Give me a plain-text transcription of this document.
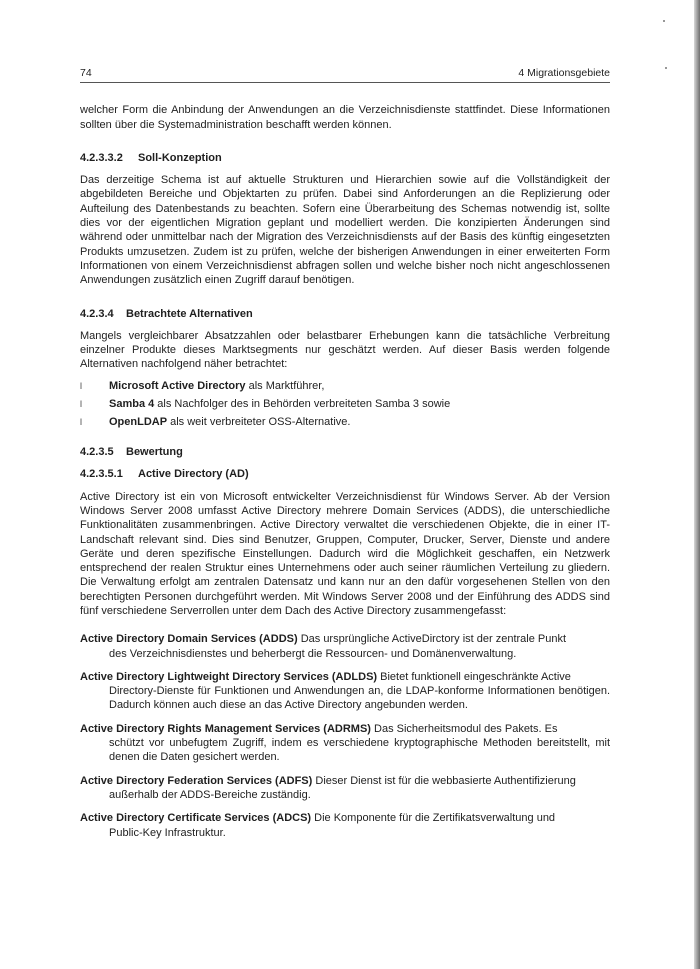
74	4 Migrationsgebiete

welcher Form die Anbindung der Anwendungen an die Verzeichnisdienste stattfindet. Diese Informationen sollten über die Systemadministration beschafft werden können.

4.2.3.3.2 Soll-Konzeption

Das derzeitige Schema ist auf aktuelle Strukturen und Hierarchien sowie auf die Vollständigkeit der abgebildeten Bereiche und Objektarten zu prüfen. Dabei sind Anforderungen an die Replizierung oder Aufteilung des Datenbestands zu beachten. Sofern eine Überarbeitung des Schemas notwendig ist, sollte dies vor der eigentlichen Migration geplant und modelliert werden. Die konzipierten Änderungen sind während oder unmittelbar nach der Migration des Verzeichnisdiensts auf der Basis des künftig eingesetzten Produkts umzusetzen. Zudem ist zu prüfen, welche der bisherigen Anwendungen in einer erweiterten Form Informationen von einem Verzeichnisdienst abfragen sollen und welche bisher noch nicht angeschlossenen Anwendungen zusätzlich einen Zugriff darauf benötigen.

4.2.3.4 Betrachtete Alternativen

Mangels vergleichbarer Absatzzahlen oder belastbarer Erhebungen kann die tatsächliche Verbreitung einzelner Produkte dieses Marktsegments nur geschätzt werden. Auf dieser Basis werden folgende Alternativen nachfolgend näher betrachtet:

l Microsoft Active Directory als Marktführer,
l Samba 4 als Nachfolger des in Behörden verbreiteten Samba 3 sowie
l OpenLDAP als weit verbreiteter OSS-Alternative.
4.2.3.5 Bewertung
4.2.3.5.1 Active Directory (AD)

Active Directory ist ein von Microsoft entwickelter Verzeichnisdienst für Windows Server. Ab der Version Windows Server 2008 umfasst Active Directory mehrere Domain Services (ADDS), die unterschiedliche Funktionalitäten zusammenbringen. Active Directory verwaltet die verschiedenen Objekte, die in einer IT-Landschaft relevant sind. Dies sind Benutzer, Gruppen, Computer, Drucker, Server, Dienste und andere Geräte und deren spezifische Einstellungen. Dadurch wird die Möglichkeit geschaffen, ein Netzwerk entsprechend der realen Struktur eines Unternehmens oder auch seiner räumlichen Verteilung zu gliedern. Die Verwaltung erfolgt am zentralen Datensatz und kann nur an den dafür vorgesehenen Stellen von den berechtigten Personen durchgeführt werden. Mit Windows Server 2008 und der Einführung des ADDS sind fünf verschiedene Serverrollen unter dem Dach des Active Directory zusammengefasst:

Active Directory Domain Services (ADDS) Das ursprüngliche ActiveDirctory ist der zentrale Punkt
des Verzeichnisdienstes und beherbergt die Ressourcen- und Domänenverwaltung.
Active Directory Lightweight Directory Services (ADLDS) Bietet funktionell eingeschränkte Active
Directory-Dienste für Funktionen und Anwendungen an, die LDAP-konforme Informationen benötigen. Dadurch können auch diese an das Active Directory angebunden werden.
Active Directory Rights Management Services (ADRMS) Das Sicherheitsmodul des Pakets. Es
schützt vor unbefugtem Zugriff, indem es verschiedene kryptographische Methoden bereitstellt, mit denen die Daten gesichert werden.
Active Directory Federation Services (ADFS) Dieser Dienst ist für die webbasierte Authentifizierung
außerhalb der ADDS-Bereiche zuständig.
Active Directory Certificate Services (ADCS) Die Komponente für die Zertifikatsverwaltung und
Public-Key Infrastruktur.
